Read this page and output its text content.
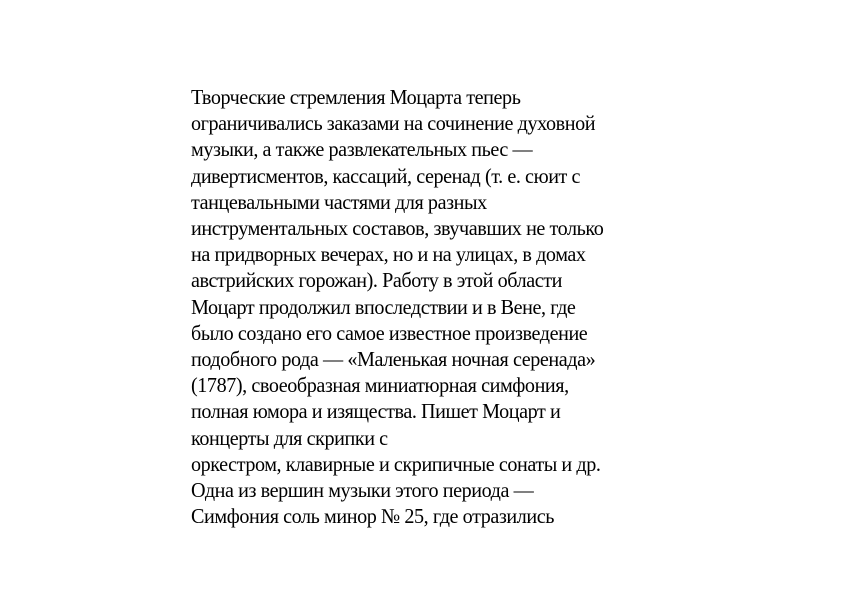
Творческие стремления Моцарта теперь
ограничивались заказами на сочинение духовной
музыки, а также развлекательных пьес —
дивертисментов, кассаций, серенад (т. е. сюит с
танцевальными частями для разных
инструментальных составов, звучавших не только
на придворных вечерах, но и на улицах, в домах
австрийских горожан). Работу в этой области
Моцарт продолжил впоследствии и в Вене, где
было создано его самое известное произведение
подобного рода — «Маленькая ночная серенада»
(1787), своеобразная миниатюрная симфония,
полная юмора и изящества. Пишет Моцарт и
концерты для скрипки с
оркестром, клавирные и скрипичные сонаты и др.
Одна из вершин музыки этого периода —
Симфония соль минор № 25, где отразились
